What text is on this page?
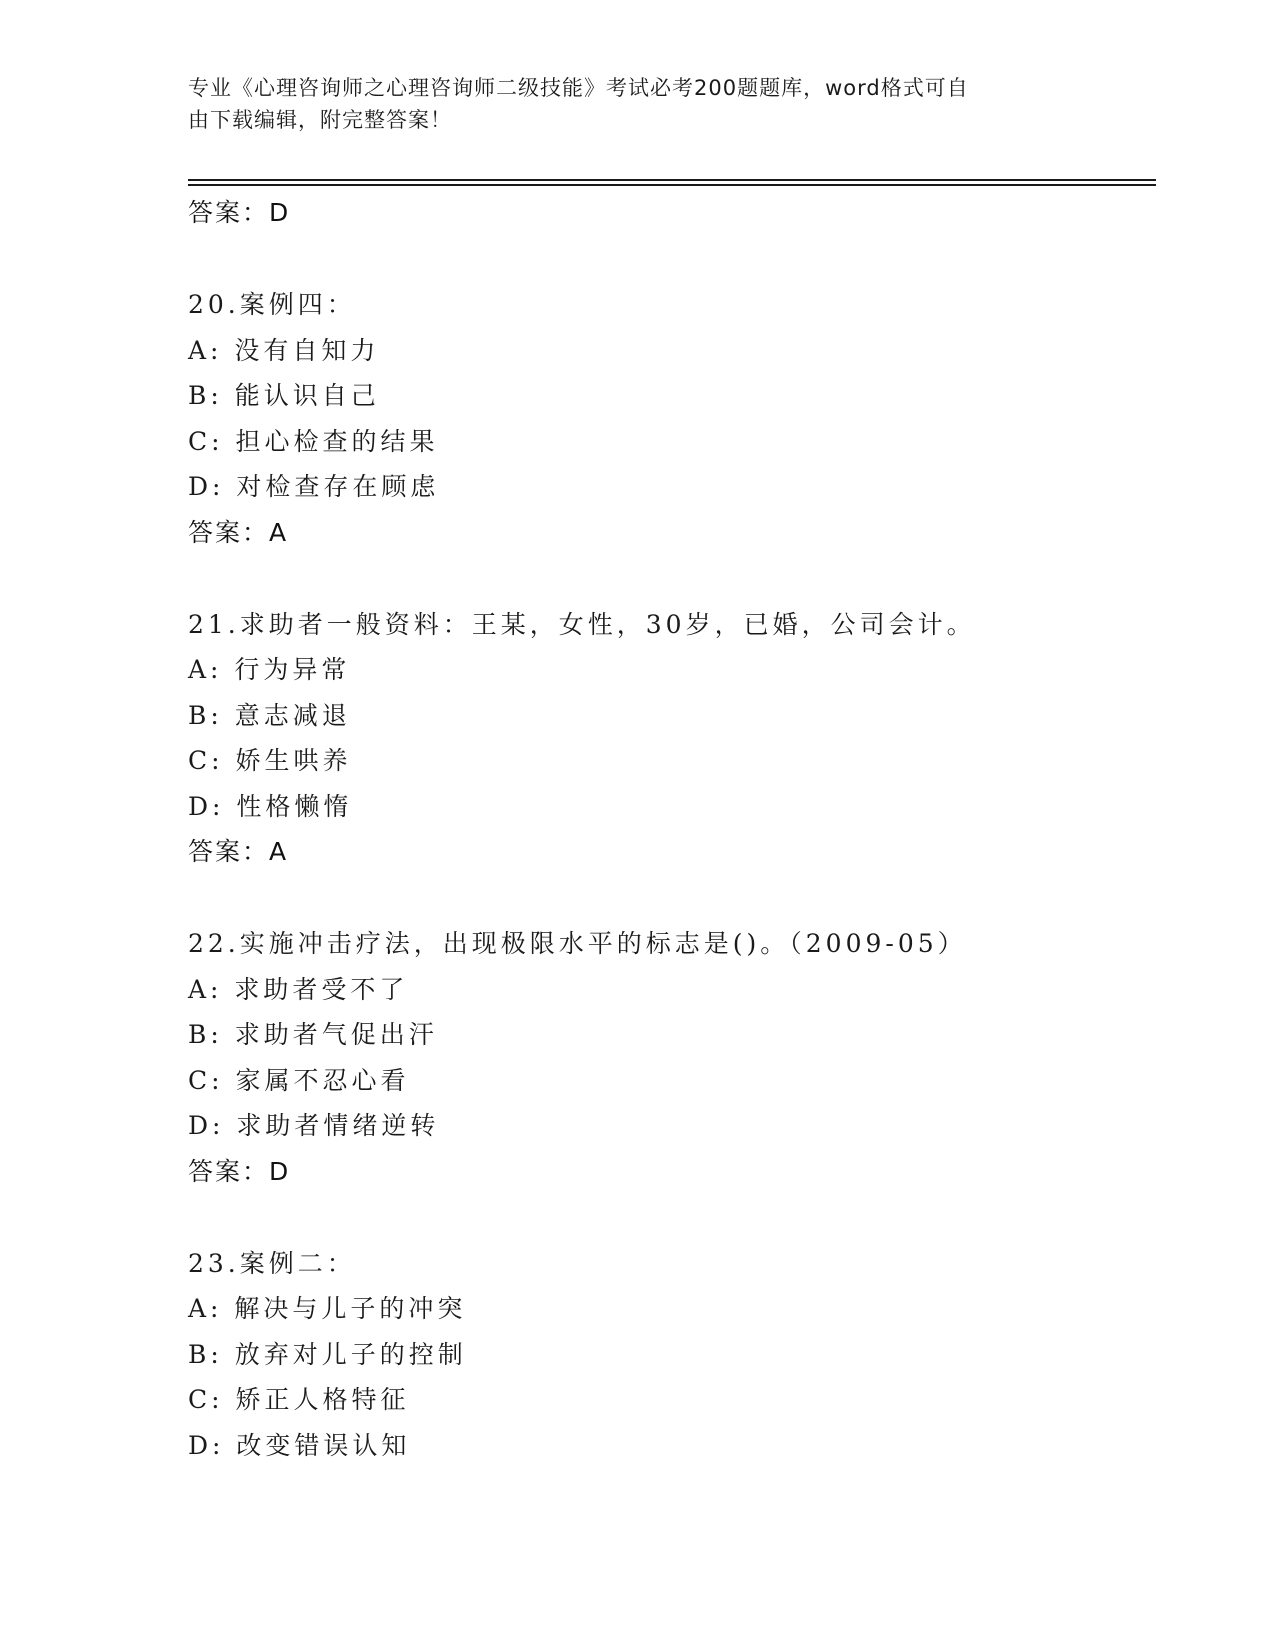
专业《心理咨询师之心理咨询师二级技能》考试必考200题题库，word格式可自
由下载编辑，附完整答案！
答案：D
20.案例四：
A: 没有自知力
B: 能认识自己
C: 担心检查的结果
D: 对检查存在顾虑
答案：A
21.求助者一般资料：王某，女性，30岁，已婚，公司会计。
A: 行为异常
B: 意志减退
C: 娇生哄养
D: 性格懒惰
答案：A
22.实施冲击疗法，出现极限水平的标志是()。（2009-05）
A: 求助者受不了
B: 求助者气促出汗
C: 家属不忍心看
D: 求助者情绪逆转
答案：D
23.案例二：
A: 解决与儿子的冲突
B: 放弃对儿子的控制
C: 矫正人格特征
D: 改变错误认知
